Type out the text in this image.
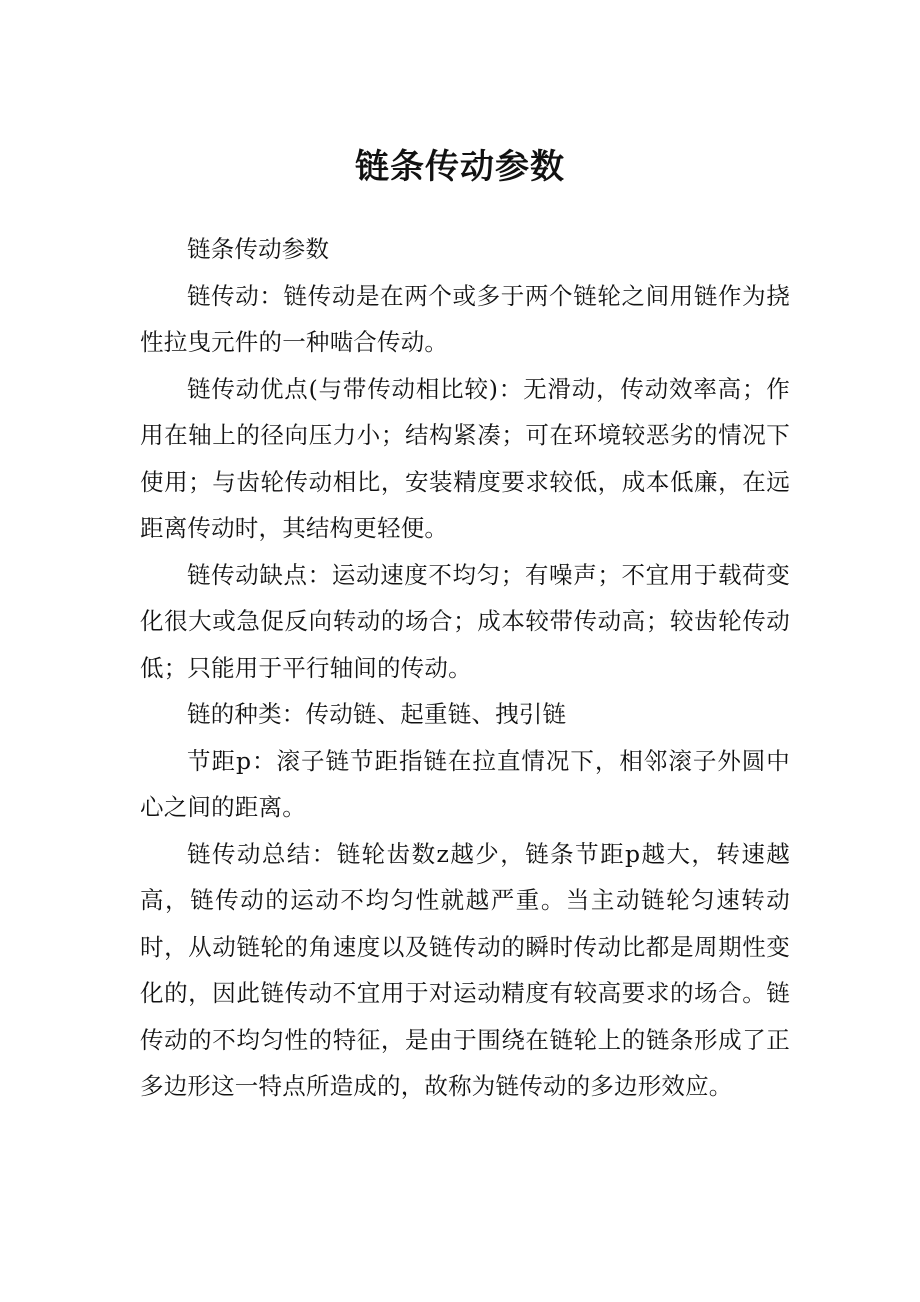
链条传动参数

链条传动参数

链传动：链传动是在两个或多于两个链轮之间用链作为挠性拉曳元件的一种啮合传动。

链传动优点(与带传动相比较)：无滑动，传动效率高；作用在轴上的径向压力小；结构紧凑；可在环境较恶劣的情况下使用；与齿轮传动相比，安装精度要求较低，成本低廉，在远距离传动时，其结构更轻便。

链传动缺点：运动速度不均匀；有噪声；不宜用于载荷变化很大或急促反向转动的场合；成本较带传动高；较齿轮传动低；只能用于平行轴间的传动。

链的种类：传动链、起重链、拽引链

节距p：滚子链节距指链在拉直情况下，相邻滚子外圆中心之间的距离。

链传动总结：链轮齿数z越少，链条节距p越大，转速越高，链传动的运动不均匀性就越严重。当主动链轮匀速转动时，从动链轮的角速度以及链传动的瞬时传动比都是周期性变化的，因此链传动不宜用于对运动精度有较高要求的场合。链传动的不均匀性的特征，是由于围绕在链轮上的链条形成了正多边形这一特点所造成的，故称为链传动的多边形效应。
